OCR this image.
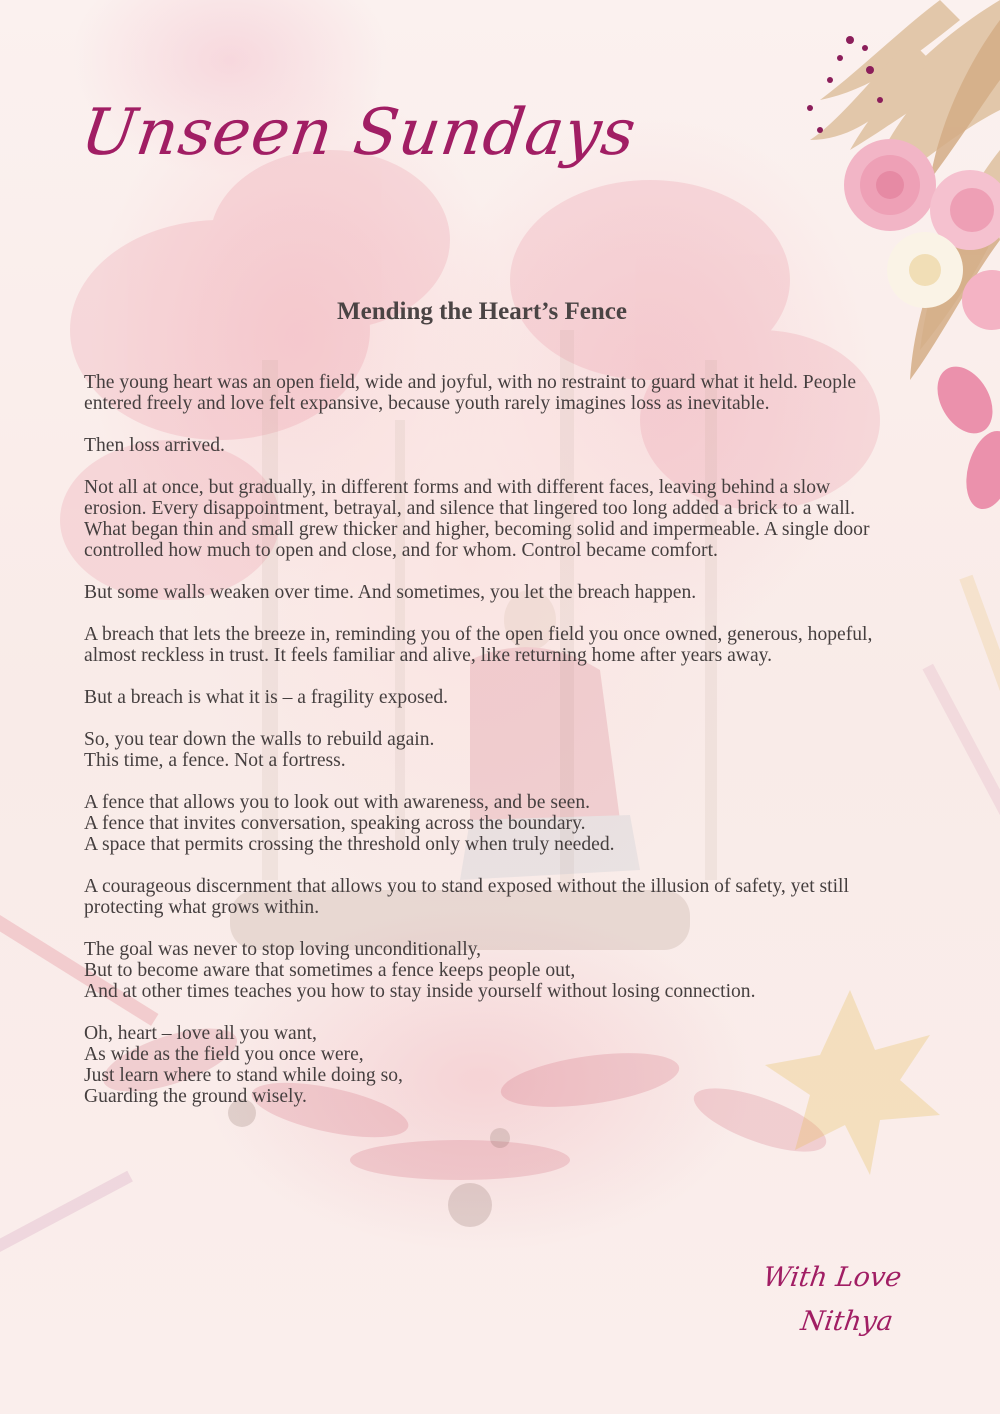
Unseen Sundays
Mending the Heart’s Fence

The young heart was an open field, wide and joyful, with no restraint to guard what it held. People entered freely and love felt expansive, because youth rarely imagines loss as inevitable.

Then loss arrived.

Not all at once, but gradually, in different forms and with different faces, leaving behind a slow erosion. Every disappointment, betrayal, and silence that lingered too long added a brick to a wall. What began thin and small grew thicker and higher, becoming solid and impermeable. A single door controlled how much to open and close, and for whom. Control became comfort.

But some walls weaken over time. And sometimes, you let the breach happen.

A breach that lets the breeze in, reminding you of the open field you once owned, generous, hopeful, almost reckless in trust. It feels familiar and alive, like returning home after years away.

But a breach is what it is – a fragility exposed.

So, you tear down the walls to rebuild again.
This time, a fence. Not a fortress.

A fence that allows you to look out with awareness, and be seen.
A fence that invites conversation, speaking across the boundary.
A space that permits crossing the threshold only when truly needed.

A courageous discernment that allows you to stand exposed without the illusion of safety, yet still protecting what grows within.

The goal was never to stop loving unconditionally,
But to become aware that sometimes a fence keeps people out,
And at other times teaches you how to stay inside yourself without losing connection.

Oh, heart – love all you want,
As wide as the field you once were,
Just learn where to stand while doing so,
Guarding the ground wisely.

With Love
Nithya
